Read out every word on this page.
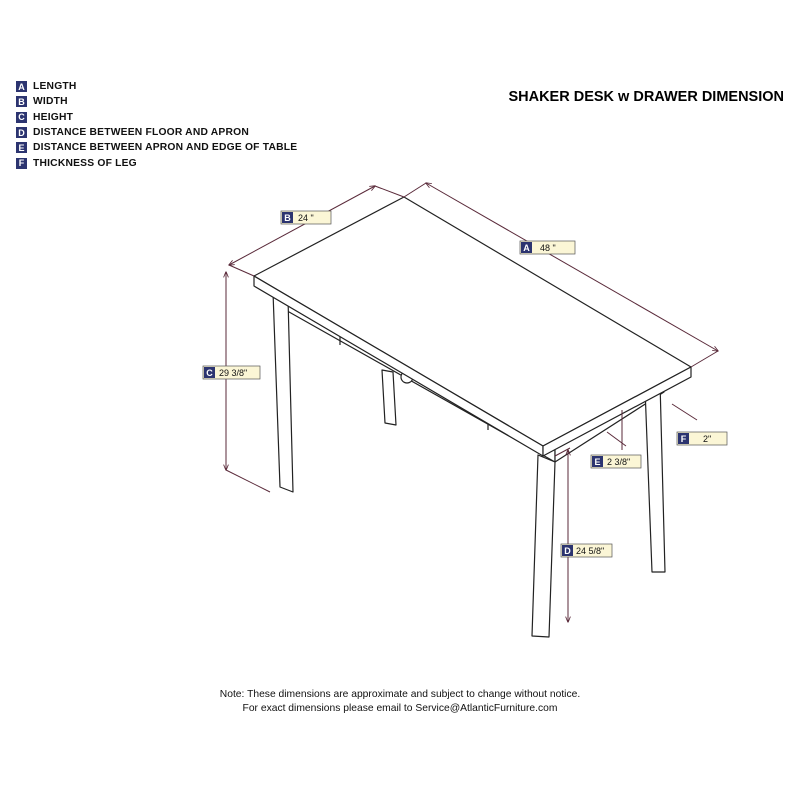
A LENGTH
B WIDTH
C HEIGHT
D DISTANCE BETWEEN FLOOR AND APRON
E DISTANCE BETWEEN APRON AND EDGE OF TABLE
F THICKNESS OF LEG
SHAKER DESK w DRAWER DIMENSION
B 24 "
A 48 "
C 29 3/8"
D 24 5/8"
E 2 3/8"
F 2"
Note: These dimensions are approximate and subject to change without notice.
For exact dimensions please email to Service@AtlanticFurniture.com
